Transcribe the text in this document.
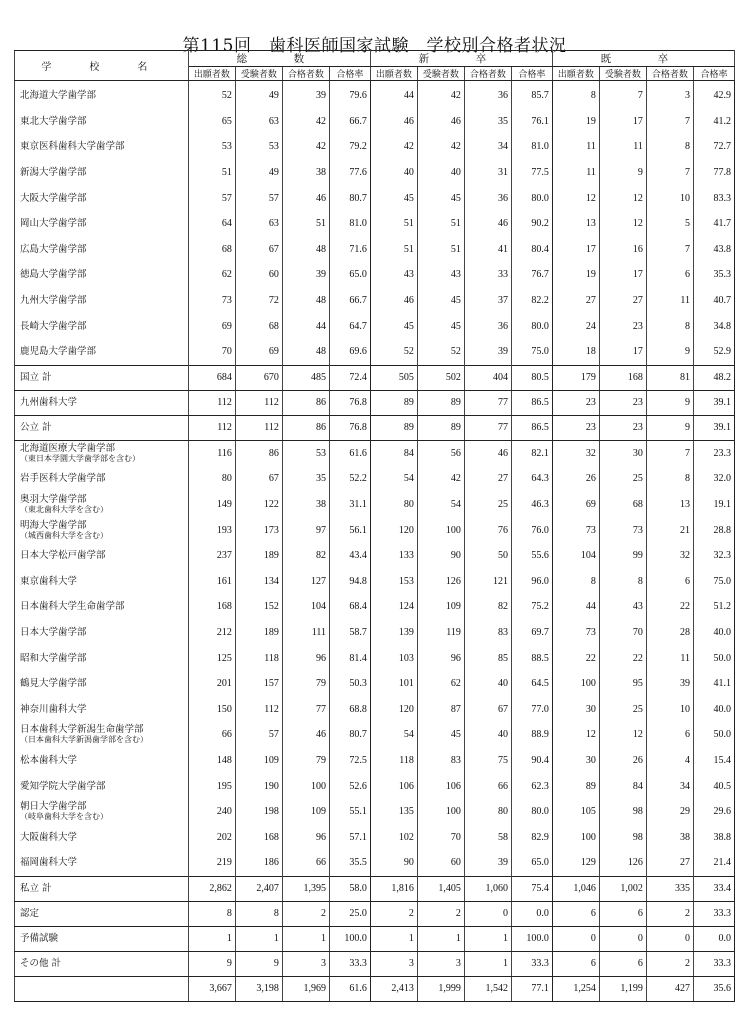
第115回　歯科医師国家試験　学校別合格者状況
学　校　名	総　数				新　卒				既　卒			
	出願者数	受験者数	合格者数	合格率	出願者数	受験者数	合格者数	合格率	出願者数	受験者数	合格者数	合格率

北海道大学歯学部	52	49	39	79.6	44	42	36	85.7	8	7	3	42.9

東北大学歯学部	65	63	42	66.7	46	46	35	76.1	19	17	7	41.2

東京医科歯科大学歯学部	53	53	42	79.2	42	42	34	81.0	11	11	8	72.7

新潟大学歯学部	51	49	38	77.6	40	40	31	77.5	11	9	7	77.8

大阪大学歯学部	57	57	46	80.7	45	45	36	80.0	12	12	10	83.3

岡山大学歯学部	64	63	51	81.0	51	51	46	90.2	13	12	5	41.7

広島大学歯学部	68	67	48	71.6	51	51	41	80.4	17	16	7	43.8

徳島大学歯学部	62	60	39	65.0	43	43	33	76.7	19	17	6	35.3

九州大学歯学部	73	72	48	66.7	46	45	37	82.2	27	27	11	40.7

長崎大学歯学部	69	68	44	64.7	45	45	36	80.0	24	23	8	34.8

鹿児島大学歯学部	70	69	48	69.6	52	52	39	75.0	18	17	9	52.9

国立 計	684	670	485	72.4	505	502	404	80.5	179	168	81	48.2

九州歯科大学	112	112	86	76.8	89	89	77	86.5	23	23	9	39.1

公立 計	112	112	86	76.8	89	89	77	86.5	23	23	9	39.1

北海道医療大学歯学部
（東日本学園大学歯学部を含む）	116	86	53	61.6	84	56	46	82.1	32	30	7	23.3

岩手医科大学歯学部	80	67	35	52.2	54	42	27	64.3	26	25	8	32.0

奥羽大学歯学部
（東北歯科大学を含む）	149	122	38	31.1	80	54	25	46.3	69	68	13	19.1

明海大学歯学部
（城西歯科大学を含む）	193	173	97	56.1	120	100	76	76.0	73	73	21	28.8

日本大学松戸歯学部	237	189	82	43.4	133	90	50	55.6	104	99	32	32.3

東京歯科大学	161	134	127	94.8	153	126	121	96.0	8	8	6	75.0

日本歯科大学生命歯学部	168	152	104	68.4	124	109	82	75.2	44	43	22	51.2

日本大学歯学部	212	189	111	58.7	139	119	83	69.7	73	70	28	40.0

昭和大学歯学部	125	118	96	81.4	103	96	85	88.5	22	22	11	50.0

鶴見大学歯学部	201	157	79	50.3	101	62	40	64.5	100	95	39	41.1

神奈川歯科大学	150	112	77	68.8	120	87	67	77.0	30	25	10	40.0

日本歯科大学新潟生命歯学部
（日本歯科大学新潟歯学部を含む）	66	57	46	80.7	54	45	40	88.9	12	12	6	50.0

松本歯科大学	148	109	79	72.5	118	83	75	90.4	30	26	4	15.4

愛知学院大学歯学部	195	190	100	52.6	106	106	66	62.3	89	84	34	40.5

朝日大学歯学部
（岐阜歯科大学を含む）	240	198	109	55.1	135	100	80	80.0	105	98	29	29.6

大阪歯科大学	202	168	96	57.1	102	70	58	82.9	100	98	38	38.8

福岡歯科大学	219	186	66	35.5	90	60	39	65.0	129	126	27	21.4

私立 計	2,862	2,407	1,395	58.0	1,816	1,405	1,060	75.4	1,046	1,002	335	33.4

認定	8	8	2	25.0	2	2	0	0.0	6	6	2	33.3

予備試験	1	1	1	100.0	1	1	1	100.0	0	0	0	0.0

その他 計	9	9	3	33.3	3	3	1	33.3	6	6	2	33.3

	3,667	3,198	1,969	61.6	2,413	1,999	1,542	77.1	1,254	1,199	427	35.6
